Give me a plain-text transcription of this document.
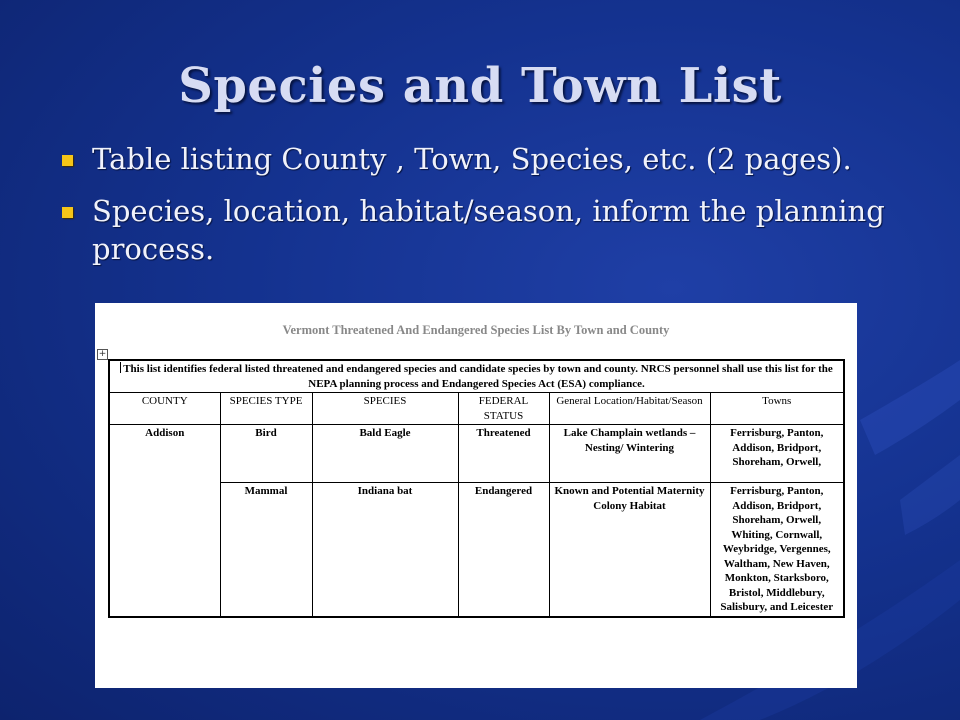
Species and Town List
Table listing County , Town, Species, etc. (2 pages).
Species, location, habitat/season, inform the planning process.
Vermont Threatened And Endangered Species List By Town and County
+
This list identifies federal listed threatened and endangered species and candidate species by town and county. NRCS personnel shall use this list for the NEPA planning process and Endangered Species Act (ESA) compliance.					
COUNTY	SPECIES TYPE	SPECIES	FEDERAL STATUS	General Location/Habitat/Season	Towns
Addison	Bird	Bald Eagle	Threatened	Lake Champlain wetlands –Nesting/ Wintering	Ferrisburg, Panton, Addison, Bridport, Shoreham, Orwell,
	Mammal	Indiana bat	Endangered	Known and Potential Maternity Colony Habitat	Ferrisburg, Panton, Addison, Bridport, Shoreham, Orwell, Whiting, Cornwall, Weybridge, Vergennes, Waltham, New Haven, Monkton, Starksboro, Bristol, Middlebury, Salisbury, and Leicester
